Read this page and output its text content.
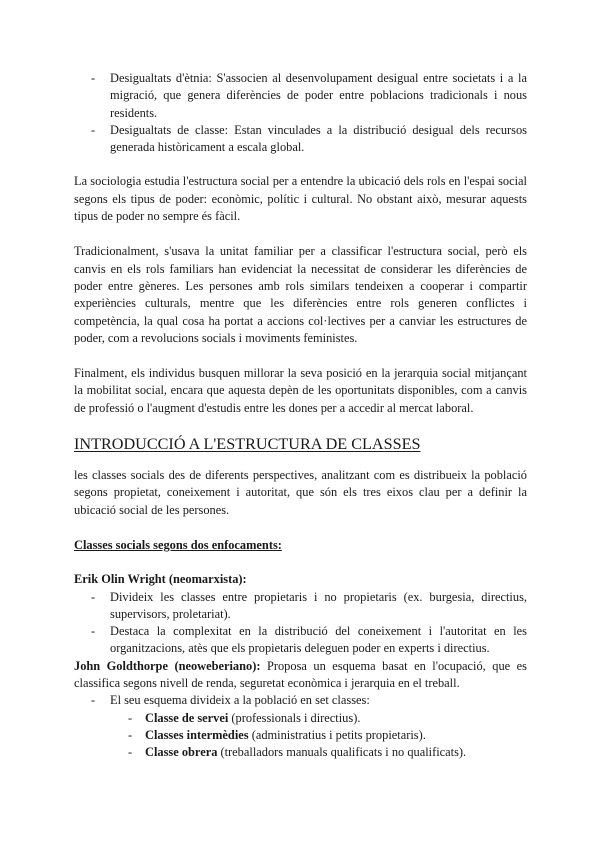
- Desigualtats d'ètnia: S'associen al desenvolupament desigual entre societats i a la migració, que genera diferències de poder entre poblacions tradicionals i nous residents.
- Desigualtats de classe: Estan vinculades a la distribució desigual dels recursos generada històricament a escala global.

La sociologia estudia l'estructura social per a entendre la ubicació dels rols en l'espai social segons els tipus de poder: econòmic, polític i cultural. No obstant això, mesurar aquests tipus de poder no sempre és fàcil.

Tradicionalment, s'usava la unitat familiar per a classificar l'estructura social, però els canvis en els rols familiars han evidenciat la necessitat de considerar les diferències de poder entre gèneres. Les persones amb rols similars tendeixen a cooperar i compartir experiències culturals, mentre que les diferències entre rols generen conflictes i competència, la qual cosa ha portat a accions col·lectives per a canviar les estructures de poder, com a revolucions socials i moviments feministes.

Finalment, els individus busquen millorar la seva posició en la jerarquia social mitjançant la mobilitat social, encara que aquesta depèn de les oportunitats disponibles, com a canvis de professió o l'augment d'estudis entre les dones per a accedir al mercat laboral.

INTRODUCCIÓ A L'ESTRUCTURA DE CLASSES

les classes socials des de diferents perspectives, analitzant com es distribueix la població segons propietat, coneixement i autoritat, que són els tres eixos clau per a definir la ubicació social de les persones.

Classes socials segons dos enfocaments:

Erik Olin Wright (neomarxista):

- Divideix les classes entre propietaris i no propietaris (ex. burgesia, directius, supervisors, proletariat).
- Destaca la complexitat en la distribució del coneixement i l'autoritat en les organitzacions, atès que els propietaris deleguen poder en experts i directius.

John Goldthorpe (neoweberiano): Proposa un esquema basat en l'ocupació, que es classifica segons nivell de renda, seguretat econòmica i jerarquia en el treball.

- El seu esquema divideix a la població en set classes:
- Classe de servei (professionals i directius).
- Classes intermèdies (administratius i petits propietaris).
- Classe obrera (treballadors manuals qualificats i no qualificats).
